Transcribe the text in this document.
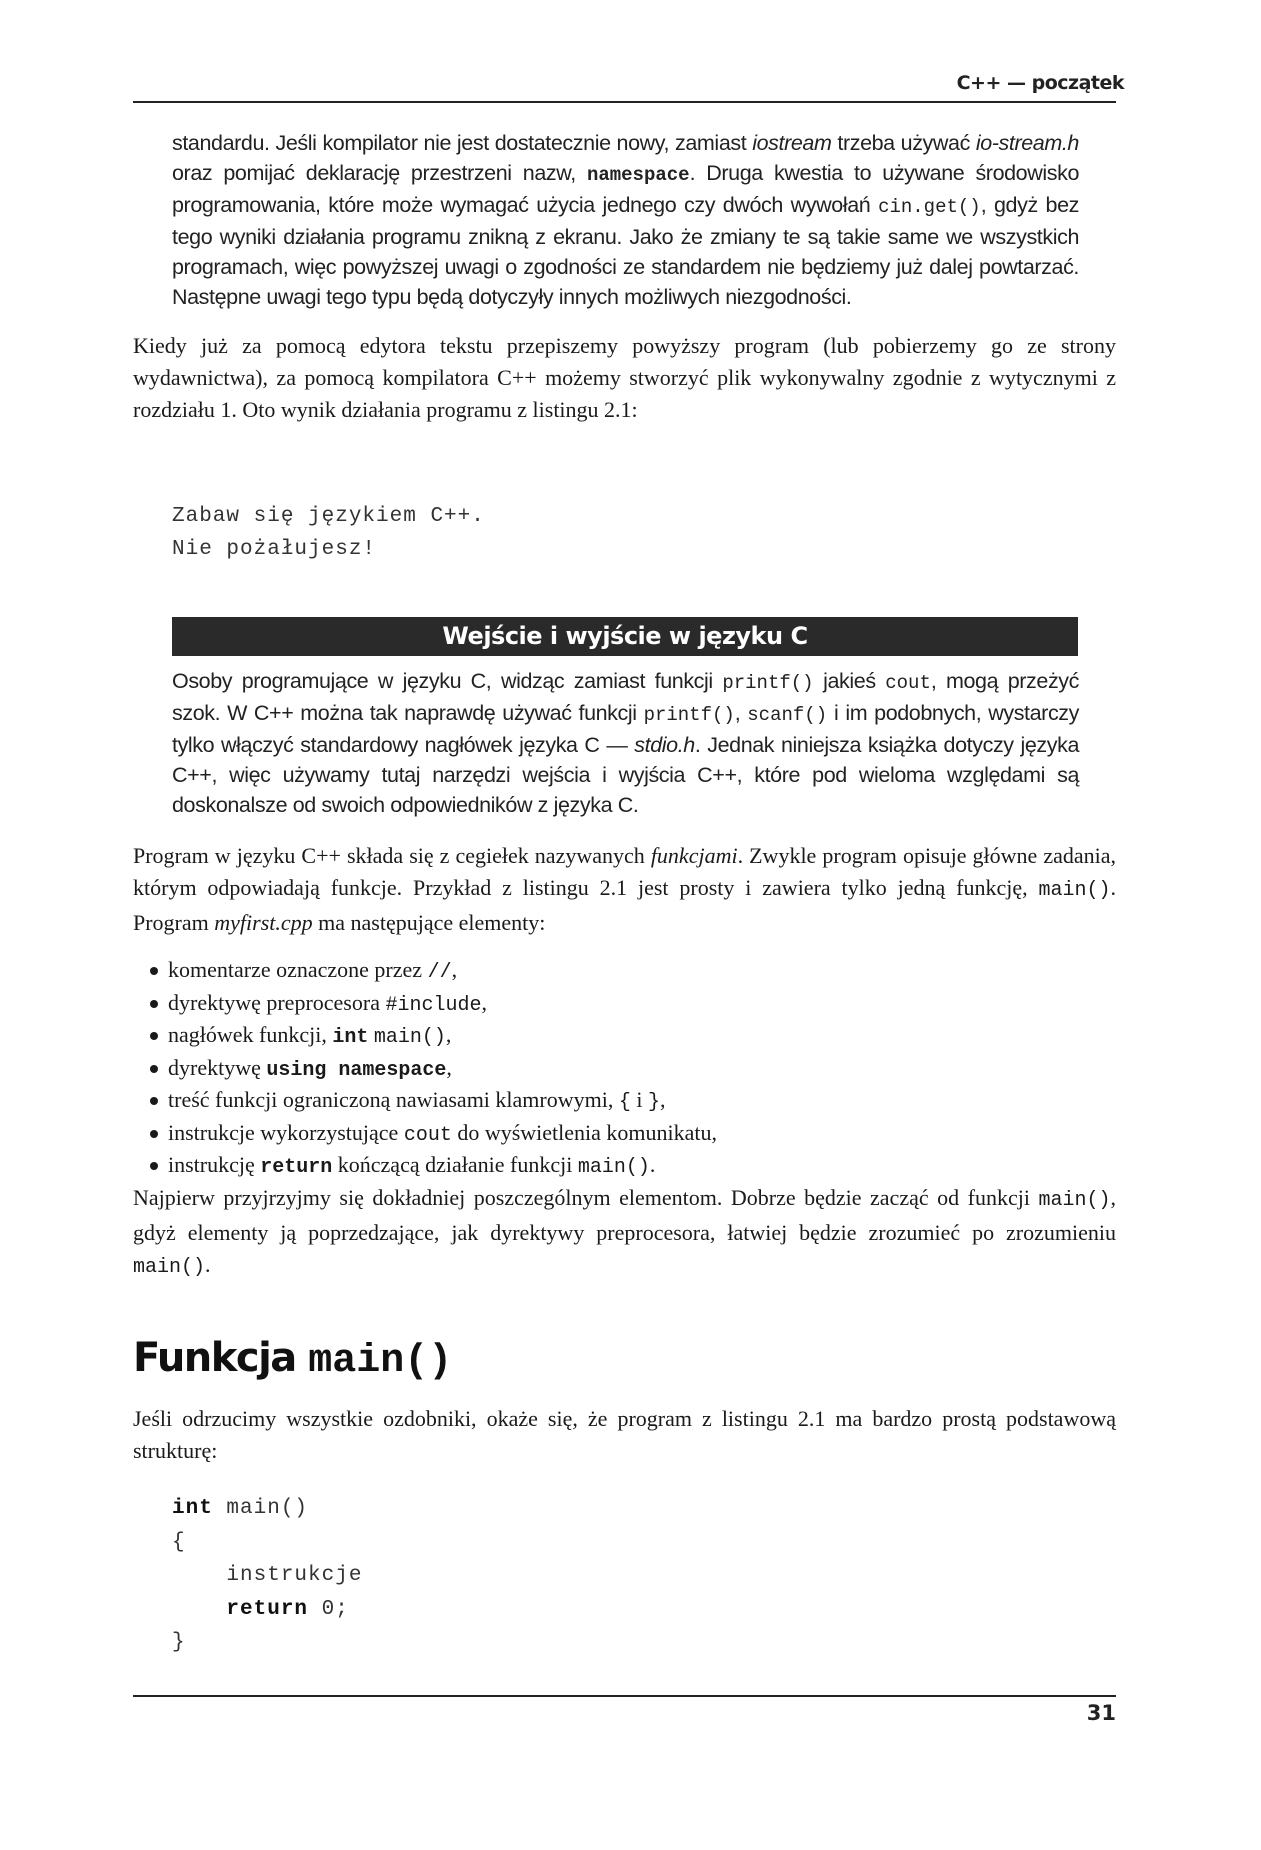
C++ — początek
standardu. Jeśli kompilator nie jest dostatecznie nowy, zamiast iostream trzeba używać io-stream.h oraz pomijać deklarację przestrzeni nazw, namespace. Druga kwestia to używane środowisko programowania, które może wymagać użycia jednego czy dwóch wywołań cin.get(), gdyż bez tego wyniki działania programu znikną z ekranu. Jako że zmiany te są takie same we wszystkich programach, więc powyższej uwagi o zgodności ze standardem nie będziemy już dalej powtarzać. Następne uwagi tego typu będą dotyczyły innych możliwych niezgodności.
Kiedy już za pomocą edytora tekstu przepiszemy powyższy program (lub pobierzemy go ze strony wydawnictwa), za pomocą kompilatora C++ możemy stworzyć plik wykonywalny zgodnie z wytycznymi z rozdziału 1. Oto wynik działania programu z listingu 2.1:
Zabaw się językiem C++.
Nie pożałujesz!
Wejście i wyjście w języku C
Osoby programujące w języku C, widząc zamiast funkcji printf() jakieś cout, mogą przeżyć szok. W C++ można tak naprawdę używać funkcji printf(), scanf() i im podobnych, wystarczy tylko włączyć standardowy nagłówek języka C — stdio.h. Jednak niniejsza książka dotyczy języka C++, więc używamy tutaj narzędzi wejścia i wyjścia C++, które pod wieloma względami są doskonalsze od swoich odpowiedników z języka C.
Program w języku C++ składa się z cegiełek nazywanych funkcjami. Zwykle program opisuje główne zadania, którym odpowiadają funkcje. Przykład z listingu 2.1 jest prosty i zawiera tylko jedną funkcję, main(). Program myfirst.cpp ma następujące elementy:
komentarze oznaczone przez //,
dyrektywę preprocesora #include,
nagłówek funkcji, int main(),
dyrektywę using namespace,
treść funkcji ograniczoną nawiasami klamrowymi, { i },
instrukcje wykorzystujące cout do wyświetlenia komunikatu,
instrukcję return kończącą działanie funkcji main().
Najpierw przyjrzyjmy się dokładniej poszczególnym elementom. Dobrze będzie zacząć od funkcji main(), gdyż elementy ją poprzedzające, jak dyrektywy preprocesora, łatwiej będzie zrozumieć po zrozumieniu main().
Funkcja main()
Jeśli odrzucimy wszystkie ozdobniki, okaże się, że program z listingu 2.1 ma bardzo prostą podstawową strukturę:
int main()
{
instrukcje
return 0;
}
31
